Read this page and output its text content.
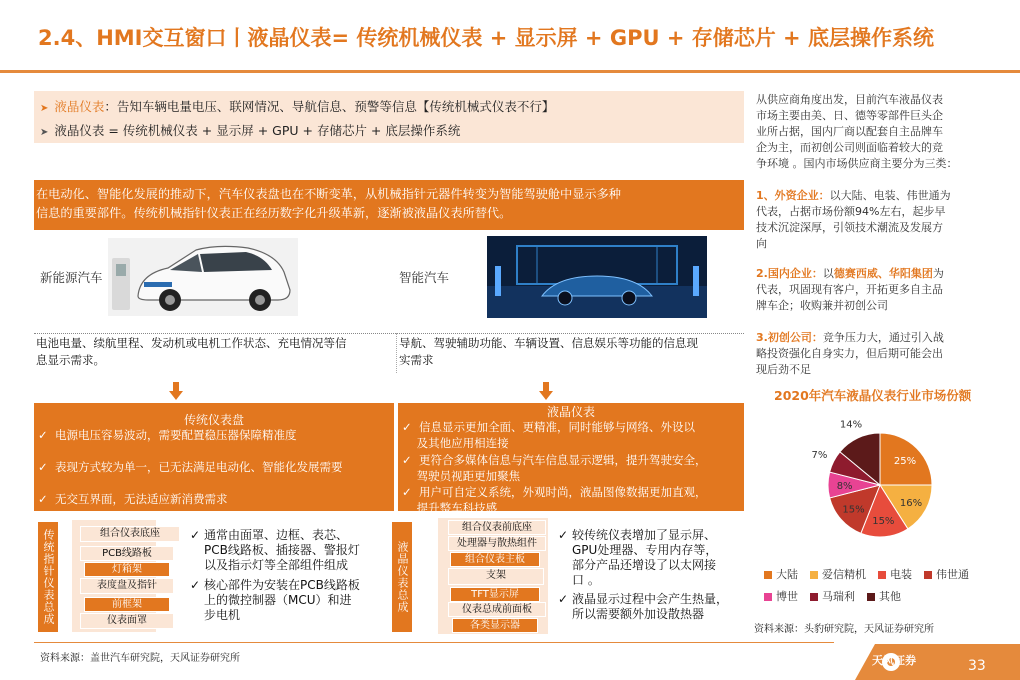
2.4、HMI交互窗口丨液晶仪表= 传统机械仪表 + 显示屏 + GPU + 存储芯片 + 底层操作系统
➤ 液晶仪表：告知车辆电量电压、联网情况、导航信息、预警等信息【传统机械式仪表不行】
➤ 液晶仪表 = 传统机械仪表 + 显示屏 + GPU + 存储芯片 + 底层操作系统
在电动化、智能化发展的推动下，汽车仪表盘也在不断变革，从机械指针元器件转变为智能驾驶舱中显示多种
信息的重要部件。传统机械指针仪表正在经历数字化升级革新，逐渐被液晶仪表所替代。
新能源汽车	智能汽车
电池电量、续航里程、发动机或电机工作状态、充电情况等信
息显示需求。
导航、驾驶辅助功能、车辆设置、信息娱乐等功能的信息现
实需求
传统仪表盘
✓  电源电压容易波动，需要配置稳压器保障精准度
✓  表现方式较为单一，已无法满足电动化、智能化发展需要
✓  无交互界面，无法适应新消费需求
液晶仪表
✓  信息显示更加全面、更精准，同时能够与网络、外设以
及其他应用相连接
✓  更符合多媒体信息与汽车信息显示逻辑，提升驾驶安全，
驾驶员视距更加聚焦
✓  用户可自定义系统，外观时尚，液晶图像数据更加直观，
提升整车科技感
传统指针仪表总成	组合仪表底座
PCB线路板
灯箱架
表度盘及指针
前框架
仪表面罩
✓ 通常由面罩、边框、表芯、
PCB线路板、插接器、警报灯
以及指示灯等全部组件组成
✓ 核心部件为安装在PCB线路板
上的微控制器（MCU）和进
步电机
液晶仪表总成
组合仪表前底座
处理器与散热组件
组合仪表主板
支架
TFT显示屏
仪表总成前面板
各类显示器
✓ 较传统仪表增加了显示屏、
GPU处理器、专用内存等，
部分产品还增设了以太网接
口 。
✓ 液晶显示过程中会产生热量，
所以需要额外加设散热器
从供应商角度出发，目前汽车液晶仪表
市场主要由美、日、德等零部件巨头企
业所占据，国内厂商以配套自主品牌车
企为主，而初创公司则面临着较大的竞
争环境 。国内市场供应商主要分为三类：
1、外资企业：以大陆、电装、伟世通为
代表，占据市场份额94%左右，起步早
技术沉淀深厚，引领技术潮流及发展方
向
2.国内企业：以德赛西威、华阳集团为
代表，巩固现有客户，开拓更多自主品
牌车企；收购兼并初创公司
3.初创公司：竞争压力大，通过引入战
略投资强化自身实力，但后期可能会出
现后劲不足
2020年汽车液晶仪表行业市场份额
25%
16%
15%
15%
8%
7%
14%
大陆 爱信精机 电装 伟世通
博世 马瑞利 其他
资料来源：头豹研究院，天风证券研究所
资料来源：盖世汽车研究院，天风证券研究所	天风证券	33
